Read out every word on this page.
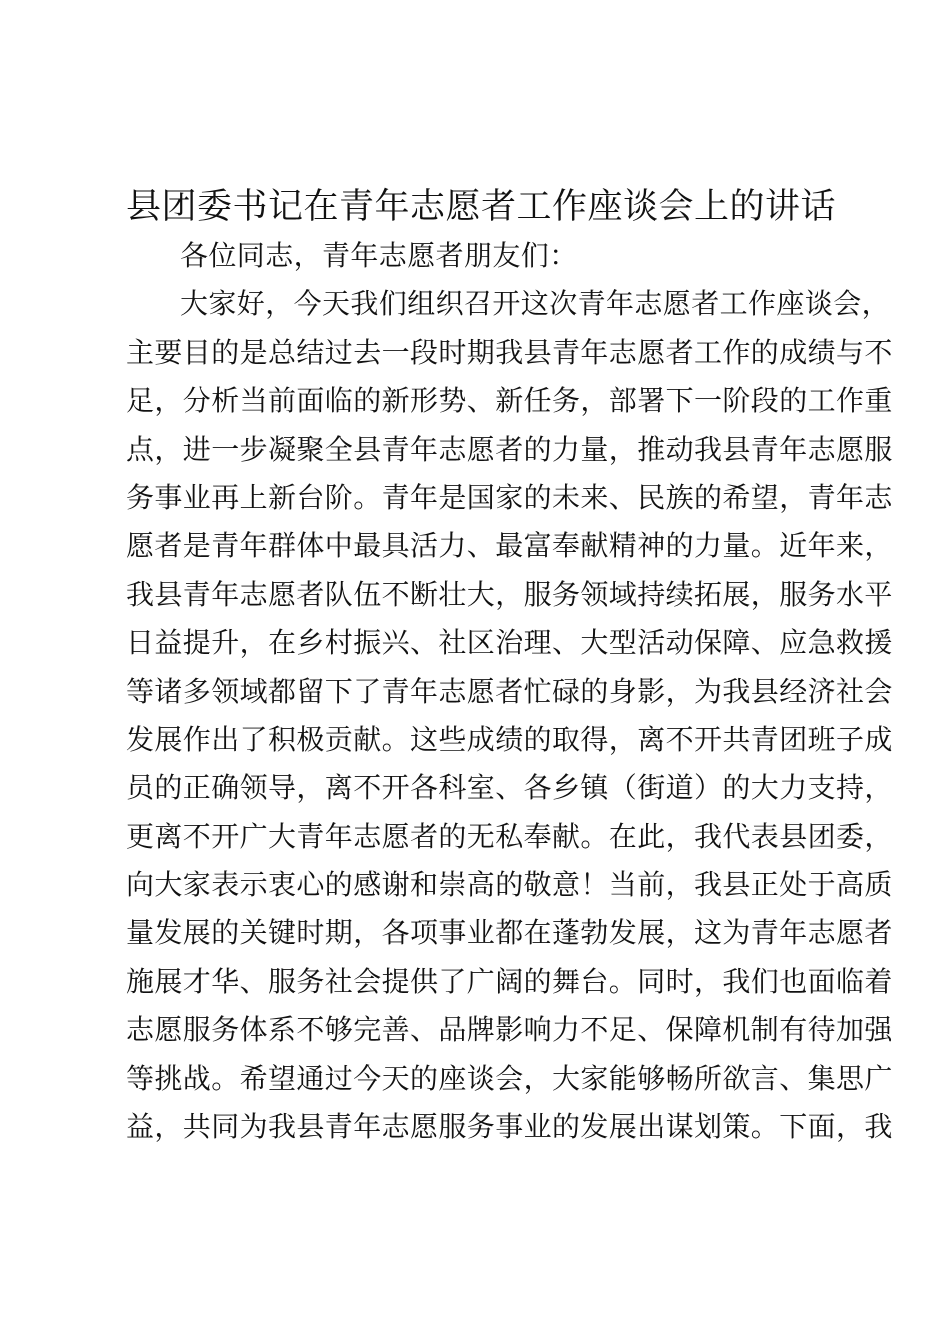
县团委书记在青年志愿者工作座谈会上的讲话
各位同志，青年志愿者朋友们：
大家好，今天我们组织召开这次青年志愿者工作座谈会，
主要目的是总结过去一段时期我县青年志愿者工作的成绩与不
足，分析当前面临的新形势、新任务，部署下一阶段的工作重
点，进一步凝聚全县青年志愿者的力量，推动我县青年志愿服
务事业再上新台阶。青年是国家的未来、民族的希望，青年志
愿者是青年群体中最具活力、最富奉献精神的力量。近年来，
我县青年志愿者队伍不断壮大，服务领域持续拓展，服务水平
日益提升，在乡村振兴、社区治理、大型活动保障、应急救援
等诸多领域都留下了青年志愿者忙碌的身影，为我县经济社会
发展作出了积极贡献。这些成绩的取得，离不开共青团班子成
员的正确领导，离不开各科室、各乡镇（街道）的大力支持，
更离不开广大青年志愿者的无私奉献。在此，我代表县团委，
向大家表示衷心的感谢和崇高的敬意！当前，我县正处于高质
量发展的关键时期，各项事业都在蓬勃发展，这为青年志愿者
施展才华、服务社会提供了广阔的舞台。同时，我们也面临着
志愿服务体系不够完善、品牌影响力不足、保障机制有待加强
等挑战。希望通过今天的座谈会，大家能够畅所欲言、集思广
益，共同为我县青年志愿服务事业的发展出谋划策。下面，我
